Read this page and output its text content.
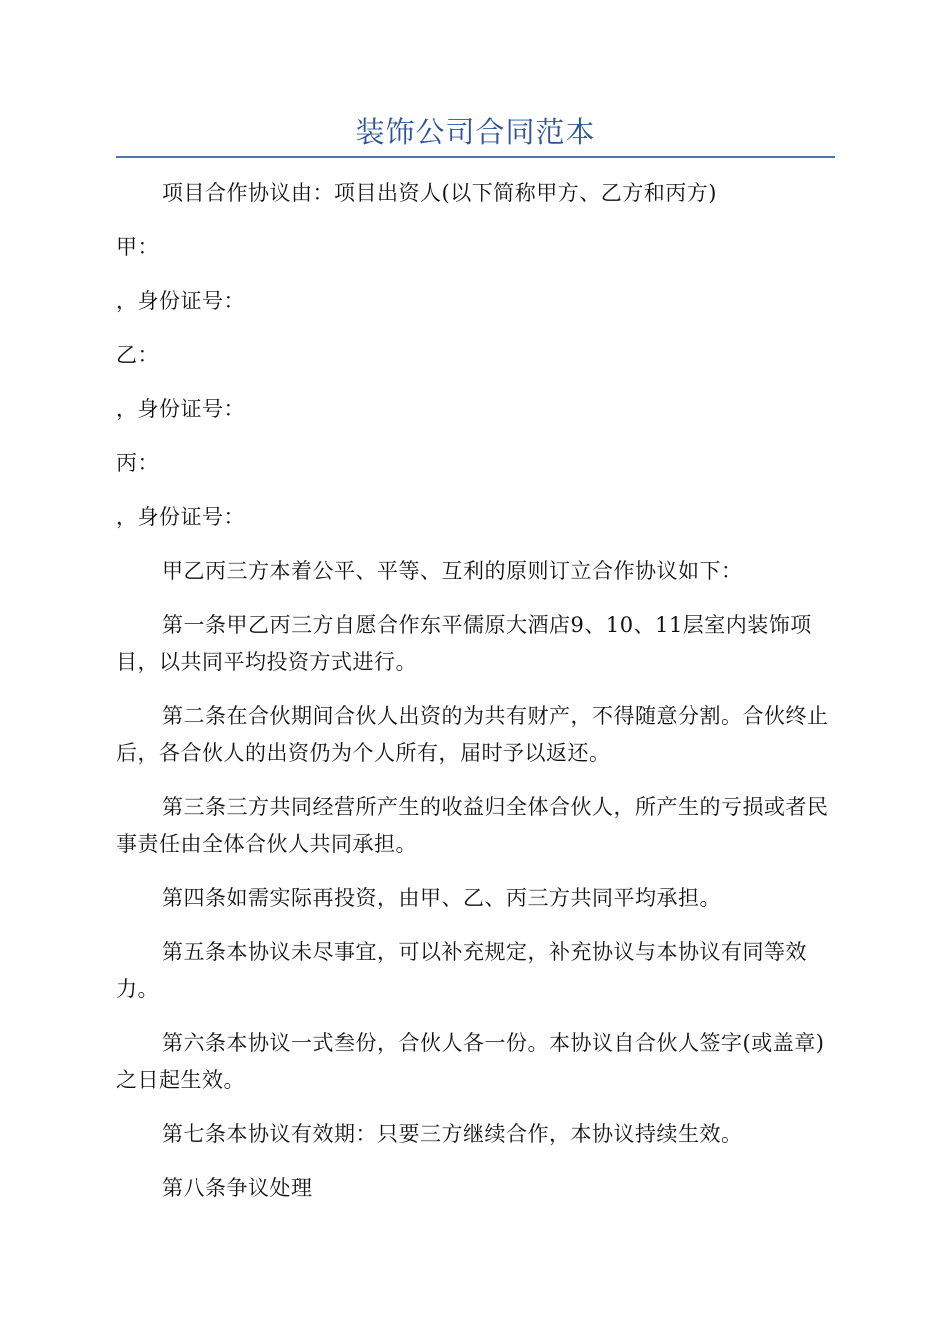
装饰公司合同范本

项目合作协议由：项目出资人(以下简称甲方、乙方和丙方)

甲：

，身份证号：

乙：

，身份证号：

丙：

，身份证号：

甲乙丙三方本着公平、平等、互利的原则订立合作协议如下：

第一条甲乙丙三方自愿合作东平儒原大酒店9、10、11层室内装饰项目，以共同平均投资方式进行。

第二条在合伙期间合伙人出资的为共有财产，不得随意分割。合伙终止后，各合伙人的出资仍为个人所有，届时予以返还。

第三条三方共同经营所产生的收益归全体合伙人，所产生的亏损或者民事责任由全体合伙人共同承担。

第四条如需实际再投资，由甲、乙、丙三方共同平均承担。

第五条本协议未尽事宜，可以补充规定，补充协议与本协议有同等效力。

第六条本协议一式叁份，合伙人各一份。本协议自合伙人签字(或盖章)之日起生效。

第七条本协议有效期：只要三方继续合作，本协议持续生效。

第八条争议处理
